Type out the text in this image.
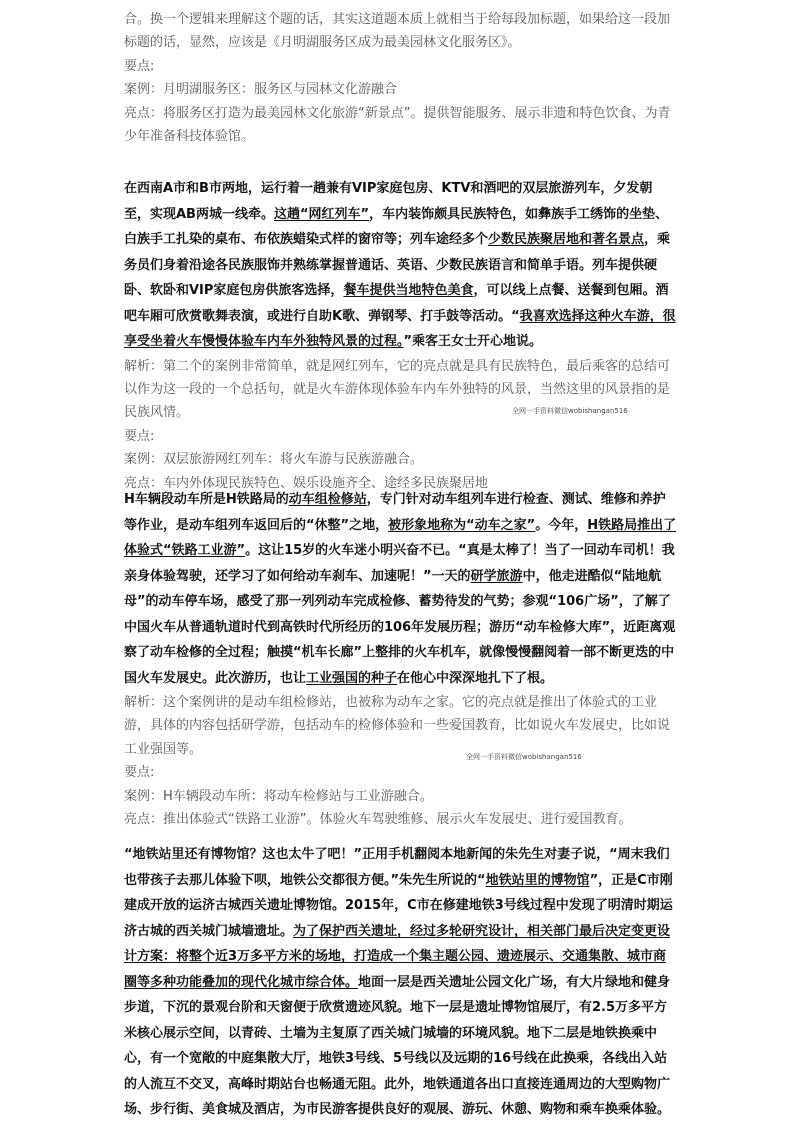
合。换一个逻辑来理解这个题的话，其实这道题本质上就相当于给每段加标题，如果给这一段加标题的话，显然，应该是《月明湖服务区成为最美园林文化服务区》。

要点:

案例：月明湖服务区：服务区与园林文化游融合

亮点：将服务区打造为最美园林文化旅游“新景点”。提供智能服务、展示非遗和特色饮食、为青少年准备科技体验馆。

在西南A市和B市两地，运行着一趟兼有VIP家庭包房、KTV和酒吧的双层旅游列车，夕发朝至，实现AB两城一线牵。这趟“网红列车”，车内装饰颇具民族特色，如彝族手工绣饰的坐垫、白族手工扎染的桌布、布依族蜡染式样的窗帘等；列车途经多个少数民族聚居地和著名景点，乘务员们身着沿途各民族服饰并熟练掌握普通话、英语、少数民族语言和简单手语。列车提供硬卧、软卧和VIP家庭包房供旅客选择，餐车提供当地特色美食，可以线上点餐、送餐到包厢。酒吧车厢可欣赏歌舞表演，或进行自助K歌、弹钢琴、打手鼓等活动。“我喜欢选择这种火车游，很享受坐着火车慢慢体验车内车外独特风景的过程。”乘客王女士开心地说。

解析：第二个的案例非常简单，就是网红列车，它的亮点就是具有民族特色，最后乘客的总结可以作为这一段的一个总括句，就是火车游体现体验车内车外独特的风景，当然这里的风景指的是民族风情。

要点:

案例：双层旅游网红列车：将火车游与民族游融合。

亮点：车内外体现民族特色、娱乐设施齐全、途经多民族聚居地

H车辆段动车所是H铁路局的动车组检修站，专门针对动车组列车进行检查、测试、维修和养护等作业，是动车组列车返回后的“休整”之地，被形象地称为“动车之家”。今年，H铁路局推出了体验式“铁路工业游”。这让15岁的火车迷小明兴奋不已。“真是太棒了！当了一回动车司机！我亲身体验驾驶，还学习了如何给动车刹车、加速呢！”一天的研学旅游中，他走进酷似“陆地航母”的动车停车场，感受了那一列列动车完成检修、蓄势待发的气势；参观“106广场”，了解了中国火车从普通轨道时代到高铁时代所经历的106年发展历程；游历“动车检修大库”，近距离观察了动车检修的全过程；触摸“机车长廊”上整排的火车机车，就像慢慢翻阅着一部不断更迭的中国火车发展史。此次游历，也让工业强国的种子在他心中深深地扎下了根。

解析：这个案例讲的是动车组检修站，也被称为动车之家。它的亮点就是推出了体验式的工业游，具体的内容包括研学游，包括动车的检修体验和一些爱国教育，比如说火车发展史，比如说工业强国等。

要点:

案例：H车辆段动车所：将动车检修站与工业游融合。

亮点：推出体验式“铁路工业游”。体验火车驾驶维修、展示火车发展史、进行爱国教育。

“地铁站里还有博物馆？这也太牛了吧！”正用手机翻阅本地新闻的朱先生对妻子说，“周末我们也带孩子去那儿体验下呗，地铁公交都很方便。”朱先生所说的“地铁站里的博物馆”，正是C市刚建成开放的运济古城西关遗址博物馆。2015年，C市在修建地铁3号线过程中发现了明清时期运济古城的西关城门城墙遗址。为了保护西关遗址，经过多轮研究设计，相关部门最后决定变更设计方案：将整个近3万多平方米的场地，打造成一个集主题公园、遗迹展示、交通集散、城市商圈等多种功能叠加的现代化城市综合体。地面一层是西关遗址公园文化广场，有大片绿地和健身步道，下沉的景观台阶和天窗便于欣赏遗迹风貌。地下一层是遗址博物馆展厅，有2.5万多平方米核心展示空间，以青砖、土墙为主复原了西关城门城墙的环境风貌。地下二层是地铁换乘中心，有一个宽敞的中庭集散大厅，地铁3号线、5号线以及远期的16号线在此换乘，各线出入站的人流互不交叉，高峰时期站台也畅通无阻。此外，地铁通道各出口直接连通周边的大型购物广场、步行街、美食城及酒店，为市民游客提供良好的观展、游玩、休憩、购物和乘车换乘体验。

全网一手资料微信wobishangan516
全网一手资料微信wobishangan516
